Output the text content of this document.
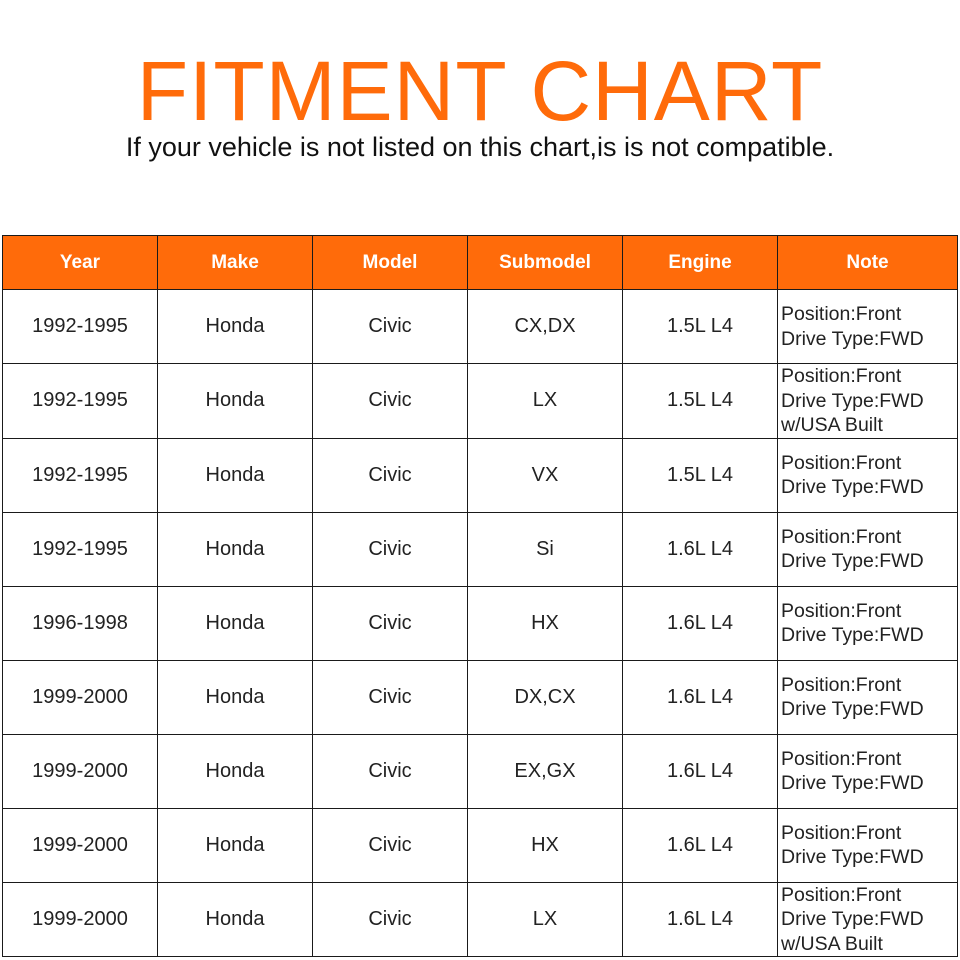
FITMENT CHART
If your vehicle is not listed on this chart,is is not compatible.
Year	Make	Model	Submodel	Engine	Note
1992-1995	Honda	Civic	CX,DX	1.5L L4	Position:Front
Drive Type:FWD

1992-1995	Honda	Civic	LX	1.5L L4	Position:Front
Drive Type:FWD
w/USA Built

1992-1995	Honda	Civic	VX	1.5L L4	Position:Front
Drive Type:FWD

1992-1995	Honda	Civic	Si	1.6L L4	Position:Front
Drive Type:FWD

1996-1998	Honda	Civic	HX	1.6L L4	Position:Front
Drive Type:FWD

1999-2000	Honda	Civic	DX,CX	1.6L L4	Position:Front
Drive Type:FWD

1999-2000	Honda	Civic	EX,GX	1.6L L4	Position:Front
Drive Type:FWD

1999-2000	Honda	Civic	HX	1.6L L4	Position:Front
Drive Type:FWD

1999-2000	Honda	Civic	LX	1.6L L4	Position:Front
Drive Type:FWD
w/USA Built
